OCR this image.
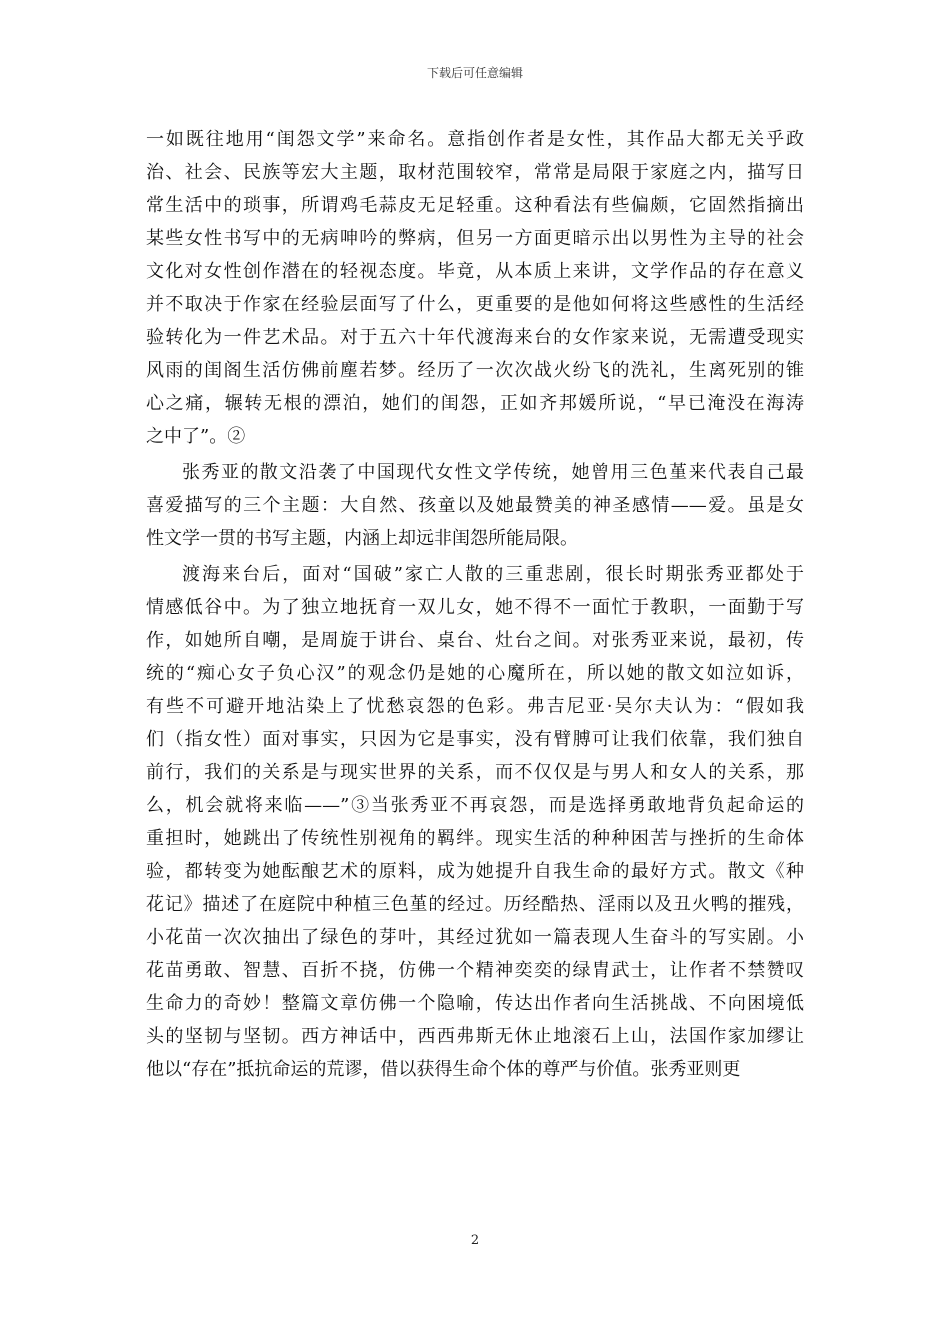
下载后可任意编辑

一如既往地用“闺怨文学”来命名。意指创作者是女性，其作品大都无关乎政
治、社会、民族等宏大主题，取材范围较窄，常常是局限于家庭之内，描写日
常生活中的琐事，所谓鸡毛蒜皮无足轻重。这种看法有些偏颇，它固然指摘出
某些女性书写中的无病呻吟的弊病，但另一方面更暗示出以男性为主导的社会
文化对女性创作潜在的轻视态度。毕竟，从本质上来讲，文学作品的存在意义
并不取决于作家在经验层面写了什么，更重要的是他如何将这些感性的生活经
验转化为一件艺术品。对于五六十年代渡海来台的女作家来说，无需遭受现实
风雨的闺阁生活仿佛前塵若梦。经历了一次次战火纷飞的洗礼，生离死别的锥
心之痛，辗转无根的漂泊，她们的闺怨，正如齐邦媛所说，“早已淹没在海涛
之中了”。②

张秀亚的散文沿袭了中国现代女性文学传统，她曾用三色堇来代表自己最
喜爱描写的三个主题：大自然、孩童以及她最赞美的神圣感情——爱。虽是女
性文学一贯的书写主题，内涵上却远非闺怨所能局限。

渡海来台后，面对“国破”家亡人散的三重悲剧，很长时期张秀亚都处于
情感低谷中。为了独立地抚育一双儿女，她不得不一面忙于教职，一面勤于写
作，如她所自嘲，是周旋于讲台、桌台、灶台之间。对张秀亚来说，最初，传
统的“痴心女子负心汉”的观念仍是她的心魔所在，所以她的散文如泣如诉，
有些不可避开地沾染上了忧愁哀怨的色彩。弗吉尼亚·吴尔夫认为：“假如我
们（指女性）面对事实，只因为它是事实，没有臂膊可让我们依靠，我们独自
前行，我们的关系是与现实世界的关系，而不仅仅是与男人和女人的关系，那
么，机会就将来临——”③当张秀亚不再哀怨，而是选择勇敢地背负起命运的
重担时，她跳出了传统性别视角的羁绊。现实生活的种种困苦与挫折的生命体
验，都转变为她酝酿艺术的原料，成为她提升自我生命的最好方式。散文《种
花记》描述了在庭院中种植三色堇的经过。历经酷热、淫雨以及丑火鸭的摧残，
小花苗一次次抽出了绿色的芽叶，其经过犹如一篇表现人生奋斗的写实剧。小
花苗勇敢、智慧、百折不挠，仿佛一个精神奕奕的绿胄武士，让作者不禁赞叹
生命力的奇妙！整篇文章仿佛一个隐喻，传达出作者向生活挑战、不向困境低
头的坚韧与坚韧。西方神话中，西西弗斯无休止地滚石上山，法国作家加缪让
他以“存在”抵抗命运的荒谬，借以获得生命个体的尊严与价值。张秀亚则更

2
